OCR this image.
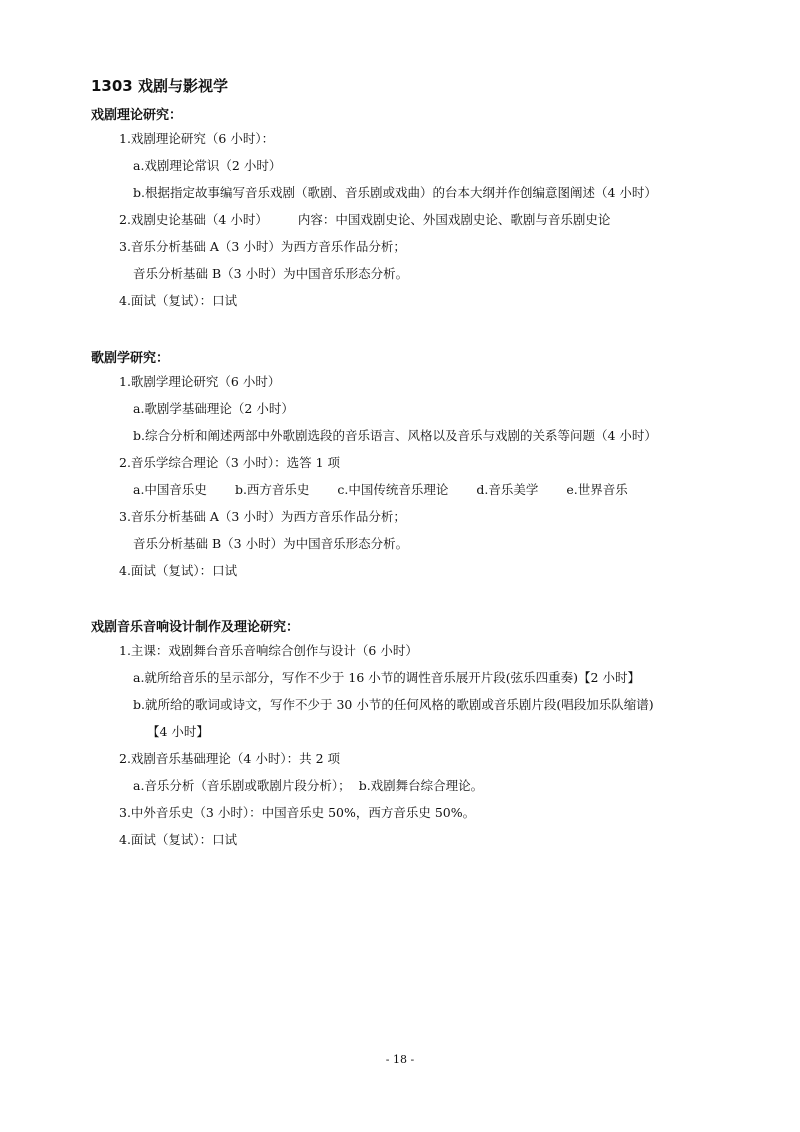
1303 戏剧与影视学
戏剧理论研究：
1.戏剧理论研究（6 小时）：
a.戏剧理论常识（2 小时）
b.根据指定故事编写音乐戏剧（歌剧、音乐剧或戏曲）的台本大纲并作创编意图阐述（4 小时）
2.戏剧史论基础（4 小时） 内容：中国戏剧史论、外国戏剧史论、歌剧与音乐剧史论
3.音乐分析基础 A（3 小时）为西方音乐作品分析；
音乐分析基础 B（3 小时）为中国音乐形态分析。
4.面试（复试）：口试
歌剧学研究：
1.歌剧学理论研究（6 小时）
a.歌剧学基础理论（2 小时）
b.综合分析和阐述两部中外歌剧选段的音乐语言、风格以及音乐与戏剧的关系等问题（4 小时）
2.音乐学综合理论（3 小时）：选答 1 项
a.中国音乐史 b.西方音乐史 c.中国传统音乐理论 d.音乐美学 e.世界音乐
3.音乐分析基础 A（3 小时）为西方音乐作品分析；
音乐分析基础 B（3 小时）为中国音乐形态分析。
4.面试（复试）：口试
戏剧音乐音响设计制作及理论研究：
1.主课：戏剧舞台音乐音响综合创作与设计（6 小时）
a.就所给音乐的呈示部分，写作不少于 16 小节的调性音乐展开片段(弦乐四重奏)【2 小时】
b.就所给的歌词或诗文，写作不少于 30 小节的任何风格的歌剧或音乐剧片段(唱段加乐队缩谱)
【4 小时】
2.戏剧音乐基础理论（4 小时）：共 2 项
a.音乐分析（音乐剧或歌剧片段分析）； b.戏剧舞台综合理论。
3.中外音乐史（3 小时）：中国音乐史 50%，西方音乐史 50%。
4.面试（复试）：口试
- 18 -
